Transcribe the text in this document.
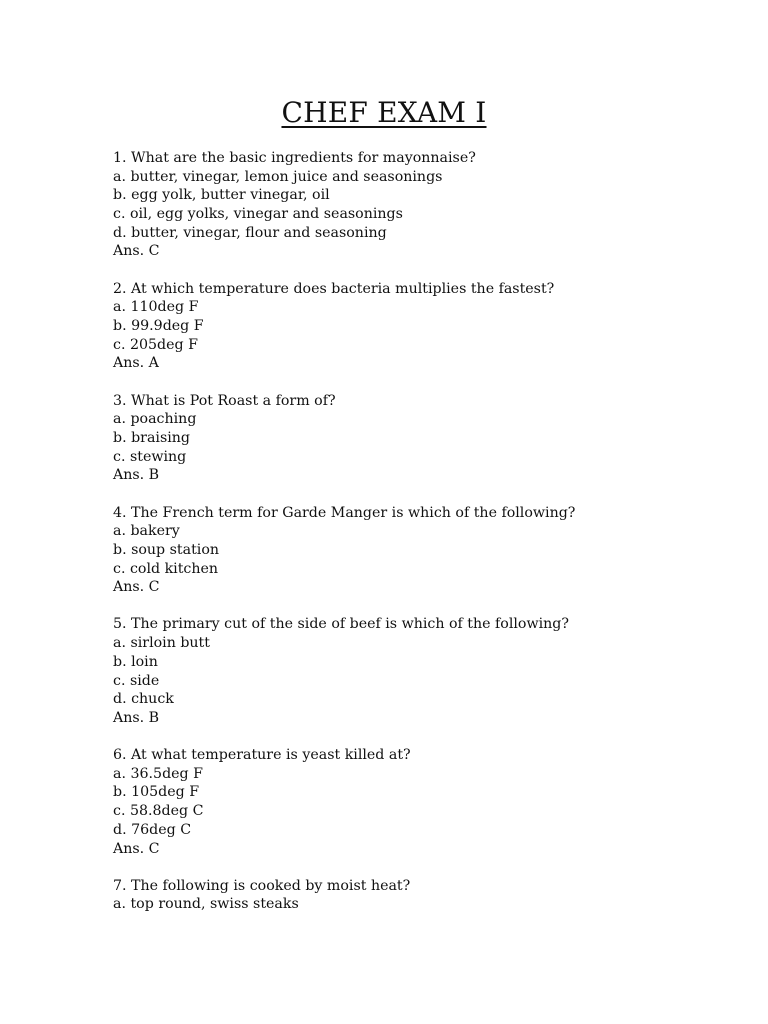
CHEF EXAM I
1. What are the basic ingredients for mayonnaise?
a. butter, vinegar, lemon juice and seasonings
b. egg yolk, butter vinegar, oil
c. oil, egg yolks, vinegar and seasonings
d. butter, vinegar, flour and seasoning
Ans. C
2. At which temperature does bacteria multiplies the fastest?
a. 110deg F
b. 99.9deg F
c. 205deg F
Ans. A
3. What is Pot Roast a form of?
a. poaching
b. braising
c. stewing
Ans. B
4. The French term for Garde Manger is which of the following?
a. bakery
b. soup station
c. cold kitchen
Ans. C
5. The primary cut of the side of beef is which of the following?
a. sirloin butt
b. loin
c. side
d. chuck
Ans. B
6. At what temperature is yeast killed at?
a. 36.5deg F
b. 105deg F
c. 58.8deg C
d. 76deg C
Ans. C
7. The following is cooked by moist heat?
a. top round, swiss steaks
